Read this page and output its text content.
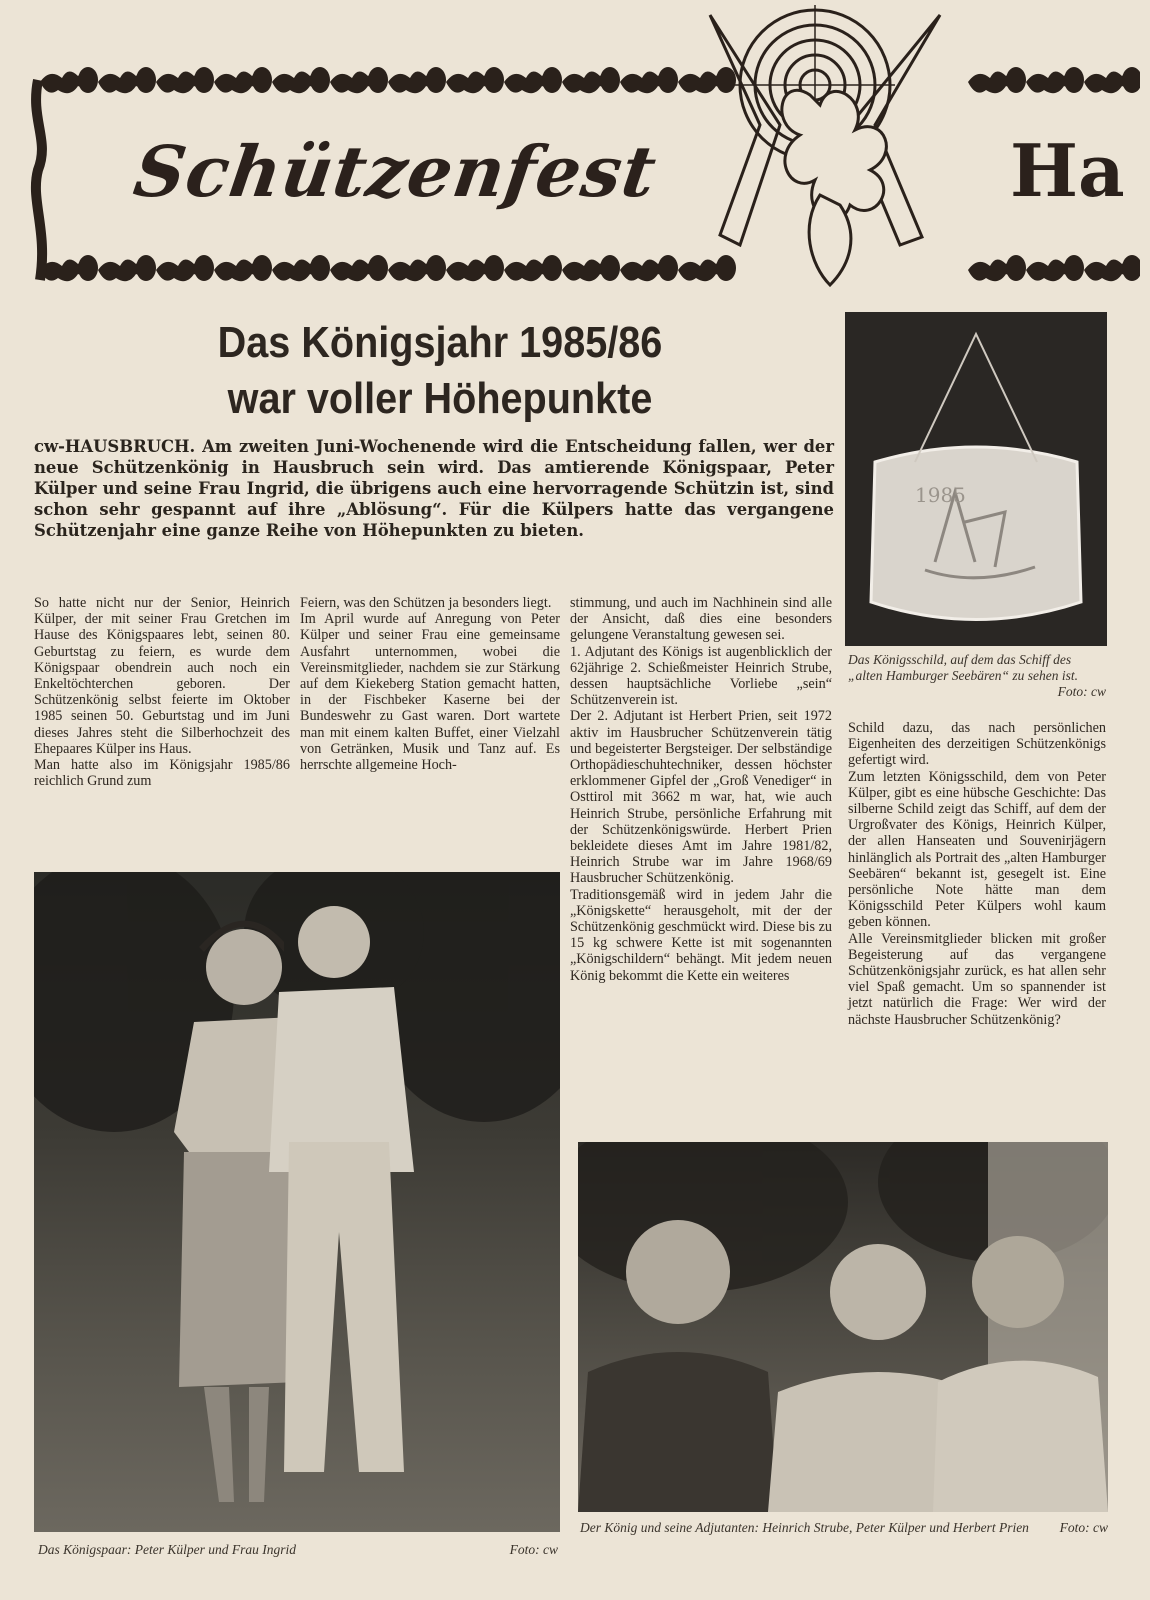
Schützenfest	Ha
Das Königsjahr 1985/86
war voller Höhepunkte
cw-HAUSBRUCH. Am zweiten Juni-Wochenende wird die Entscheidung fallen, wer der neue Schützenkönig in Hausbruch sein wird. Das amtierende Königspaar, Peter Külper und seine Frau Ingrid, die übrigens auch eine hervorragende Schützin ist, sind schon sehr gespannt auf ihre „Ablösung“. Für die Külpers hatte das vergangene Schützenjahr eine ganze Reihe von Höhepunkten zu bieten.
1985
Das Königsschild, auf dem das Schiff des „alten Hamburger Seebären“ zu sehen ist.
Foto: cw

So hatte nicht nur der Senior, Heinrich Külper, der mit seiner Frau Gretchen im Hause des Königspaares lebt, seinen 80. Geburtstag zu feiern, es wurde dem Königspaar obendrein auch noch ein Enkeltöchterchen geboren. Der Schützenkönig selbst feierte im Oktober 1985 seinen 50. Geburtstag und im Juni dieses Jahres steht die Silberhochzeit des Ehepaares Külper ins Haus.

Man hatte also im Königsjahr 1985/86 reichlich Grund zum

Feiern, was den Schützen ja besonders liegt.

Im April wurde auf Anregung von Peter Külper und seiner Frau eine gemeinsame Ausfahrt unternommen, wobei die Vereinsmitglieder, nachdem sie zur Stärkung auf dem Kiekeberg Station gemacht hatten, in der Fischbeker Kaserne bei der Bundeswehr zu Gast waren. Dort wartete man mit einem kalten Buffet, einer Vielzahl von Getränken, Musik und Tanz auf. Es herrschte allgemeine Hoch-

stimmung, und auch im Nachhinein sind alle der Ansicht, daß dies eine besonders gelungene Veranstaltung gewesen sei.

1. Adjutant des Königs ist augenblicklich der 62jährige 2. Schießmeister Heinrich Strube, dessen hauptsächliche Vorliebe „sein“ Schützenverein ist.

Der 2. Adjutant ist Herbert Prien, seit 1972 aktiv im Hausbrucher Schützenverein tätig und begeisterter Bergsteiger. Der selbständige Orthopädieschuhtechniker, dessen höchster erklommener Gipfel der „Groß Venediger“ in Osttirol mit 3662 m war, hat, wie auch Heinrich Strube, persönliche Erfahrung mit der Schützenkönigswürde. Herbert Prien bekleidete dieses Amt im Jahre 1981/82, Heinrich Strube war im Jahre 1968/69 Hausbrucher Schützenkönig.

Traditionsgemäß wird in jedem Jahr die „Königskette“ herausgeholt, mit der der Schützenkönig geschmückt wird. Diese bis zu 15 kg schwere Kette ist mit sogenannten „Königschildern“ behängt. Mit jedem neuen König bekommt die Kette ein weiteres

Schild dazu, das nach persönlichen Eigenheiten des derzeitigen Schützenkönigs gefertigt wird.

Zum letzten Königsschild, dem von Peter Külper, gibt es eine hübsche Geschichte: Das silberne Schild zeigt das Schiff, auf dem der Urgroßvater des Königs, Heinrich Külper, der allen Hanseaten und Souvenirjägern hinlänglich als Portrait des „alten Hamburger Seebären“ bekannt ist, gesegelt ist. Eine persönliche Note hätte man dem Königsschild Peter Külpers wohl kaum geben können.

Alle Vereinsmitglieder blicken mit großer Begeisterung auf das vergangene Schützenkönigsjahr zurück, es hat allen sehr viel Spaß gemacht. Um so spannender ist jetzt natürlich die Frage: Wer wird der nächste Hausbrucher Schützenkönig?

Das Königspaar: Peter Külper und Frau Ingrid	Foto: cw
Der König und seine Adjutanten: Heinrich Strube, Peter Külper und Herbert Prien Foto: cw
